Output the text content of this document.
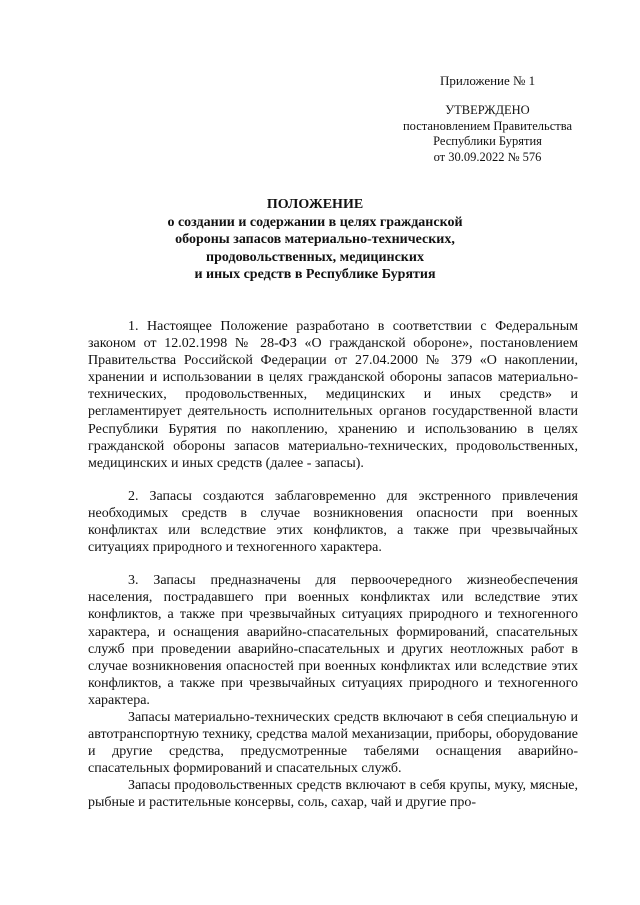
Приложение № 1
УТВЕРЖДЕНО
постановлением Правительства
Республики Бурятия
от 30.09.2022 № 576
ПОЛОЖЕНИЕ
о создании и содержании в целях гражданской
обороны запасов материально-технических,
продовольственных, медицинских
и иных средств в Республике Бурятия

1. Настоящее Положение разработано в соответствии с Федеральным законом от 12.02.1998 № 28-ФЗ «О гражданской обороне», постановлением Правительства Российской Федерации от 27.04.2000 № 379 «О накоплении, хранении и использовании в целях гражданской обороны запасов материально-технических, продовольственных, медицинских и иных средств» и регламентирует деятельность исполнительных органов государственной власти Республики Бурятия по накоплению, хранению и использованию в целях гражданской обороны запасов материально-технических, продовольственных, медицинских и иных средств (далее - запасы).

2. Запасы создаются заблаговременно для экстренного привлечения необходимых средств в случае возникновения опасности при военных конфликтах или вследствие этих конфликтов, а также при чрезвычайных ситуациях природного и техногенного характера.

3. Запасы предназначены для первоочередного жизнеобеспечения населения, пострадавшего при военных конфликтах или вследствие этих конфликтов, а также при чрезвычайных ситуациях природного и техногенного характера, и оснащения аварийно-спасательных формирований, спасательных служб при проведении аварийно-спасательных и других неотложных работ в случае возникновения опасностей при военных конфликтах или вследствие этих конфликтов, а также при чрезвычайных ситуациях природного и техногенного характера.

Запасы материально-технических средств включают в себя специальную и автотранспортную технику, средства малой механизации, приборы, оборудование и другие средства, предусмотренные табелями оснащения аварийно-спасательных формирований и спасательных служб.

Запасы продовольственных средств включают в себя крупы, муку, мясные, рыбные и растительные консервы, соль, сахар, чай и другие про-
